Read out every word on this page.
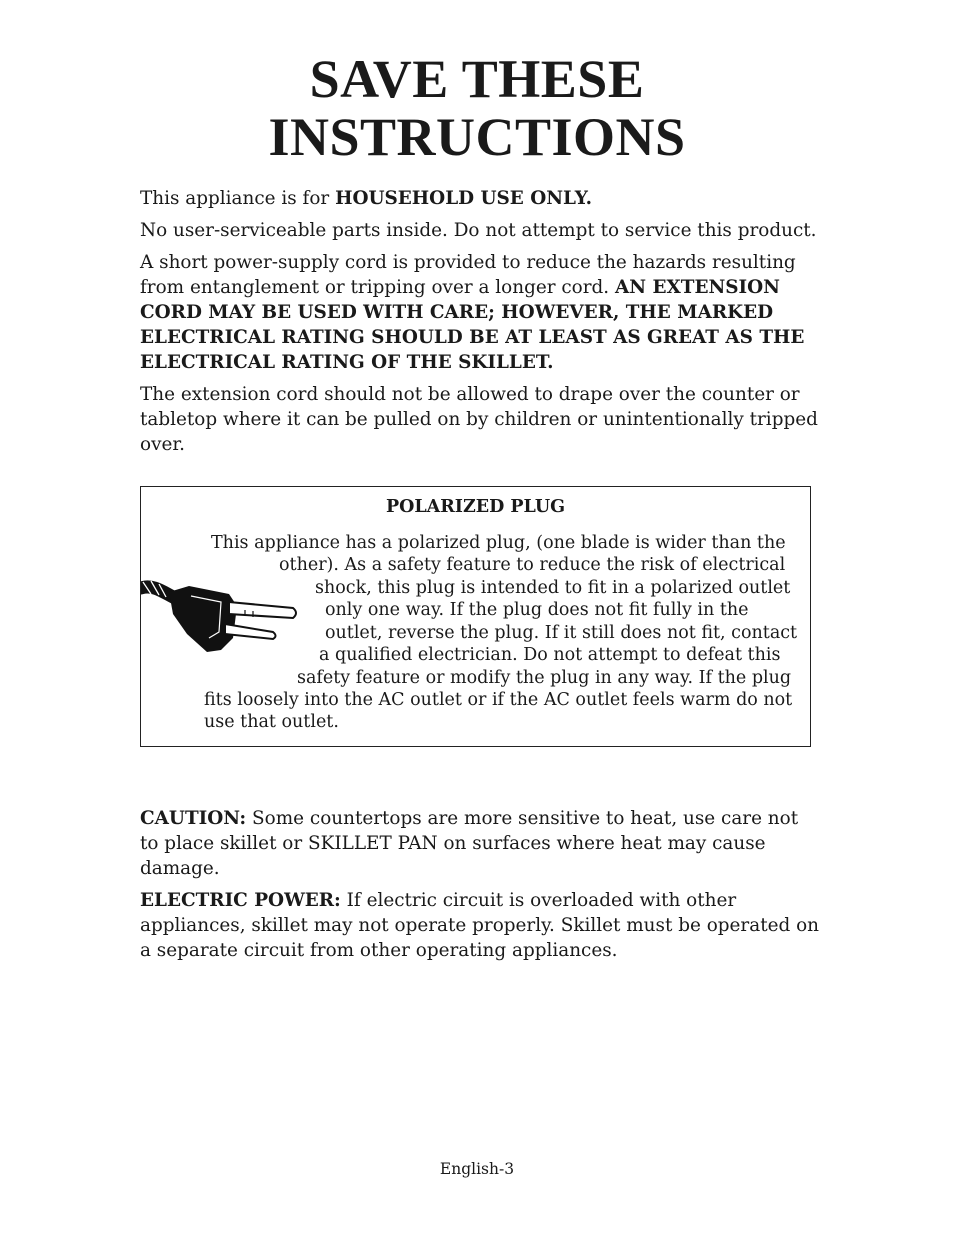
SAVE THESE
INSTRUCTIONS

This appliance is for HOUSEHOLD USE ONLY.

No user-serviceable parts inside. Do not attempt to service this product.

A short power-supply cord is provided to reduce the hazards resulting from entanglement or tripping over a longer cord. AN EXTENSION CORD MAY BE USED WITH CARE; HOWEVER, THE MARKED ELECTRICAL RATING SHOULD BE AT LEAST AS GREAT AS THE ELECTRICAL RATING OF THE SKILLET.

The extension cord should not be allowed to drape over the counter or tabletop where it can be pulled on by children or unintentionally tripped over.

POLARIZED PLUG

This appliance has a polarized plug, (one blade is wider than the
other). As a safety feature to reduce the risk of electrical
shock, this plug is intended to fit in a polarized outlet
only one way. If the plug does not fit fully in the
outlet, reverse the plug. If it still does not fit, contact
a qualified electrician. Do not attempt to defeat this
safety feature or modify the plug in any way. If the plug
fits loosely into the AC outlet or if the AC outlet feels warm do not
use that outlet.

CAUTION: Some countertops are more sensitive to heat, use care not to place skillet or SKILLET PAN on surfaces where heat may cause damage.

ELECTRIC POWER: If electric circuit is overloaded with other appliances, skillet may not operate properly. Skillet must be operated on a separate circuit from other operating appliances.

English-3
